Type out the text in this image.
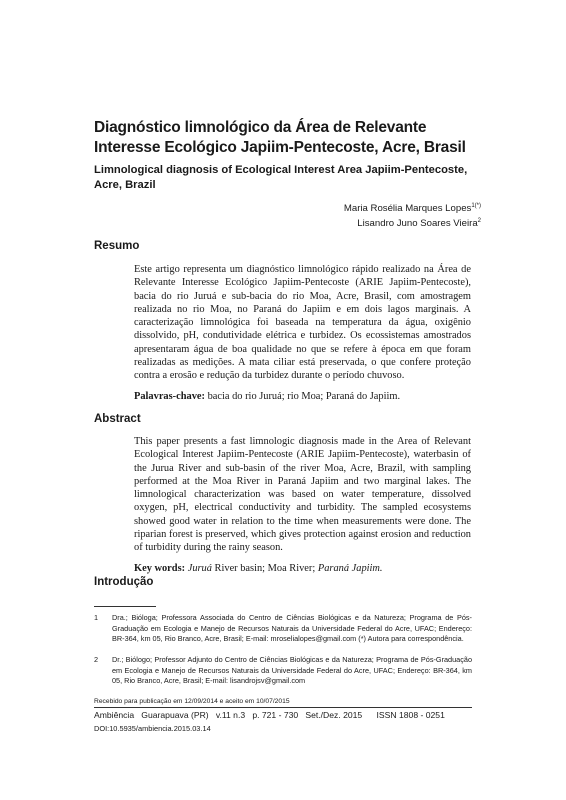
Diagnóstico limnológico da Área de Relevante Interesse Ecológico Japiim-Pentecoste, Acre, Brasil
Limnological diagnosis of Ecological Interest Area Japiim-Pentecoste, Acre, Brazil
Maria Rosélia Marques Lopes$^{1(*)}$
Lisandro Juno Soares Vieira$^2$
Resumo

Este artigo representa um diagnóstico limnológico rápido realizado na Área de Relevante Interesse Ecológico Japiim-Pentecoste (ARIE Japiim-Pentecoste), bacia do rio Juruá e sub-bacia do rio Moa, Acre, Brasil, com amostragem realizada no rio Moa, no Paraná do Japiim e em dois lagos marginais. A caracterização limnológica foi baseada na temperatura da água, oxigênio dissolvido, pH, condutividade elétrica e turbidez. Os ecossistemas amostrados apresentaram água de boa qualidade no que se refere à época em que foram realizadas as medições. A mata ciliar está preservada, o que confere proteção contra a erosão e redução da turbidez durante o período chuvoso.

Palavras-chave: bacia do rio Juruá; rio Moa; Paraná do Japiim.

Abstract

This paper presents a fast limnologic diagnosis made in the Area of Relevant Ecological Interest Japiim-Pentecoste (ARIE Japiim-Pentecoste), waterbasin of the Jurua River and sub-basin of the river Moa, Acre, Brazil, with sampling performed at the Moa River in Paraná Japiim and two marginal lakes. The limnological characterization was based on water temperature, dissolved oxygen, pH, electrical conductivity and turbidity. The sampled ecosystems showed good water in relation to the time when measurements were done. The riparian forest is preserved, which gives protection against erosion and reduction of turbidity during the rainy season.

Key words: Juruá River basin; Moa River; Paraná Japiim.

Introdução
1 Dra.; Bióloga; Professora Associada do Centro de Ciências Biológicas e da Natureza; Programa de Pós-Graduação em Ecologia e Manejo de Recursos Naturais da Universidade Federal do Acre, UFAC; Endereço: BR-364, km 05, Rio Branco, Acre, Brasil; E-mail: mroselialopes@gmail.com (*) Autora para correspondência.
2 Dr.; Biólogo; Professor Adjunto do Centro de Ciências Biológicas e da Natureza; Programa de Pós-Graduação em Ecologia e Manejo de Recursos Naturais da Universidade Federal do Acre, UFAC; Endereço: BR-364, km 05, Rio Branco, Acre, Brasil; E-mail: lisandrojsv@gmail.com
Recebido para publicação em 12/09/2014 e aceito em 10/07/2015
Ambiência
Guarapuava (PR)
v.11 n.3
p. 721 - 730
Set./Dez. 2015
ISSN 1808 - 0251
DOI:10.5935/ambiencia.2015.03.14
